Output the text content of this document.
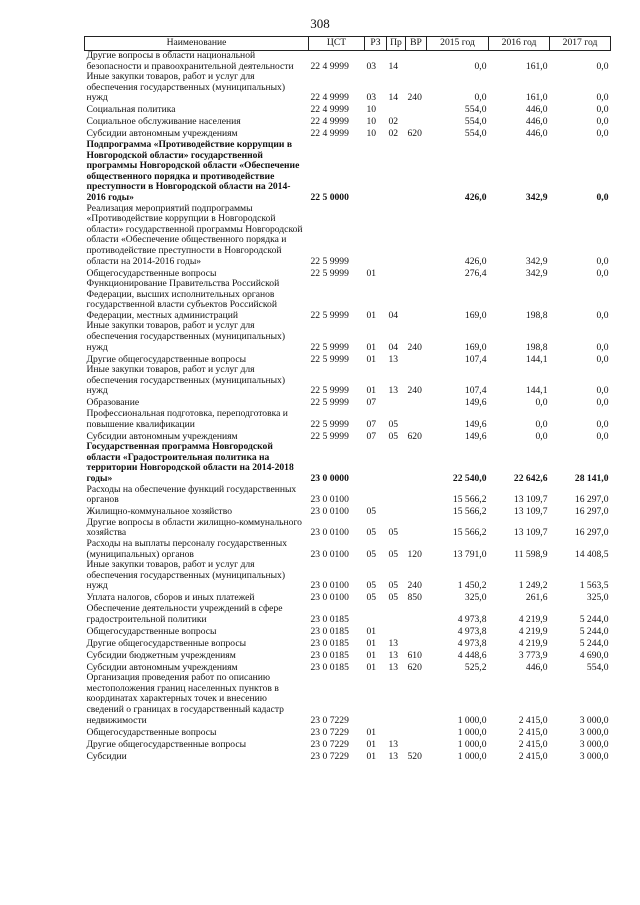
308
Наименование	ЦСТ	РЗ	Пр	ВР	2015 год	2016 год	2017 год
Другие вопросы в области национальной безопасности и правоохранительной деятельности	22 4 9999	03	14		0,0	161,0	0,0
Иные закупки товаров, работ и услуг для обеспечения государственных (муниципальных) нужд	22 4 9999	03	14	240	0,0	161,0	0,0
Социальная политика	22 4 9999	10			554,0	446,0	0,0
Социальное обслуживание населения	22 4 9999	10	02		554,0	446,0	0,0
Субсидии автономным учреждениям	22 4 9999	10	02	620	554,0	446,0	0,0
Подпрограмма «Противодействие коррупции в Новгородской области» государственной программы Новгородской области «Обеспечение общественного порядка и противодействие преступности в Новгородской области на 2014-2016 годы»	22 5 0000				426,0	342,9	0,0
Реализация мероприятий подпрограммы «Противодействие коррупции в Новгородской области» государственной программы Новгородской области «Обеспечение общественного порядка и противодействие преступности в Новгородской области на 2014-2016 годы»	22 5 9999				426,0	342,9	0,0
Общегосударственные вопросы	22 5 9999	01			276,4	342,9	0,0
Функционирование Правительства Российской Федерации, высших исполнительных органов государственной власти субъектов Российской Федерации, местных администраций	22 5 9999	01	04		169,0	198,8	0,0
Иные закупки товаров, работ и услуг для обеспечения государственных (муниципальных) нужд	22 5 9999	01	04	240	169,0	198,8	0,0
Другие общегосударственные вопросы	22 5 9999	01	13		107,4	144,1	0,0
Иные закупки товаров, работ и услуг для обеспечения государственных (муниципальных) нужд	22 5 9999	01	13	240	107,4	144,1	0,0
Образование	22 5 9999	07			149,6	0,0	0,0
Профессиональная подготовка, переподготовка и повышение квалификации	22 5 9999	07	05		149,6	0,0	0,0
Субсидии автономным учреждениям	22 5 9999	07	05	620	149,6	0,0	0,0
Государственная программа Новгородской области «Градостроительная политика на территории Новгородской области на 2014-2018 годы»	23 0 0000				22 540,0	22 642,6	28 141,0
Расходы на обеспечение функций государственных органов	23 0 0100				15 566,2	13 109,7	16 297,0
Жилищно-коммунальное хозяйство	23 0 0100	05			15 566,2	13 109,7	16 297,0
Другие вопросы в области жилищно-коммунального хозяйства	23 0 0100	05	05		15 566,2	13 109,7	16 297,0
Расходы на выплаты персоналу государственных (муниципальных) органов	23 0 0100	05	05	120	13 791,0	11 598,9	14 408,5
Иные закупки товаров, работ и услуг для обеспечения государственных (муниципальных) нужд	23 0 0100	05	05	240	1 450,2	1 249,2	1 563,5
Уплата налогов, сборов и иных платежей	23 0 0100	05	05	850	325,0	261,6	325,0
Обеспечение деятельности учреждений в сфере градостроительной политики	23 0 0185				4 973,8	4 219,9	5 244,0
Общегосударственные вопросы	23 0 0185	01			4 973,8	4 219,9	5 244,0
Другие общегосударственные вопросы	23 0 0185	01	13		4 973,8	4 219,9	5 244,0
Субсидии бюджетным учреждениям	23 0 0185	01	13	610	4 448,6	3 773,9	4 690,0
Субсидии автономным учреждениям	23 0 0185	01	13	620	525,2	446,0	554,0
Организация проведения работ по описанию местоположения границ населенных пунктов в координатах характерных точек и внесению сведений о границах в государственный кадастр недвижимости	23 0 7229				1 000,0	2 415,0	3 000,0
Общегосударственные вопросы	23 0 7229	01			1 000,0	2 415,0	3 000,0
Другие общегосударственные вопросы	23 0 7229	01	13		1 000,0	2 415,0	3 000,0
Субсидии	23 0 7229	01	13	520	1 000,0	2 415,0	3 000,0
